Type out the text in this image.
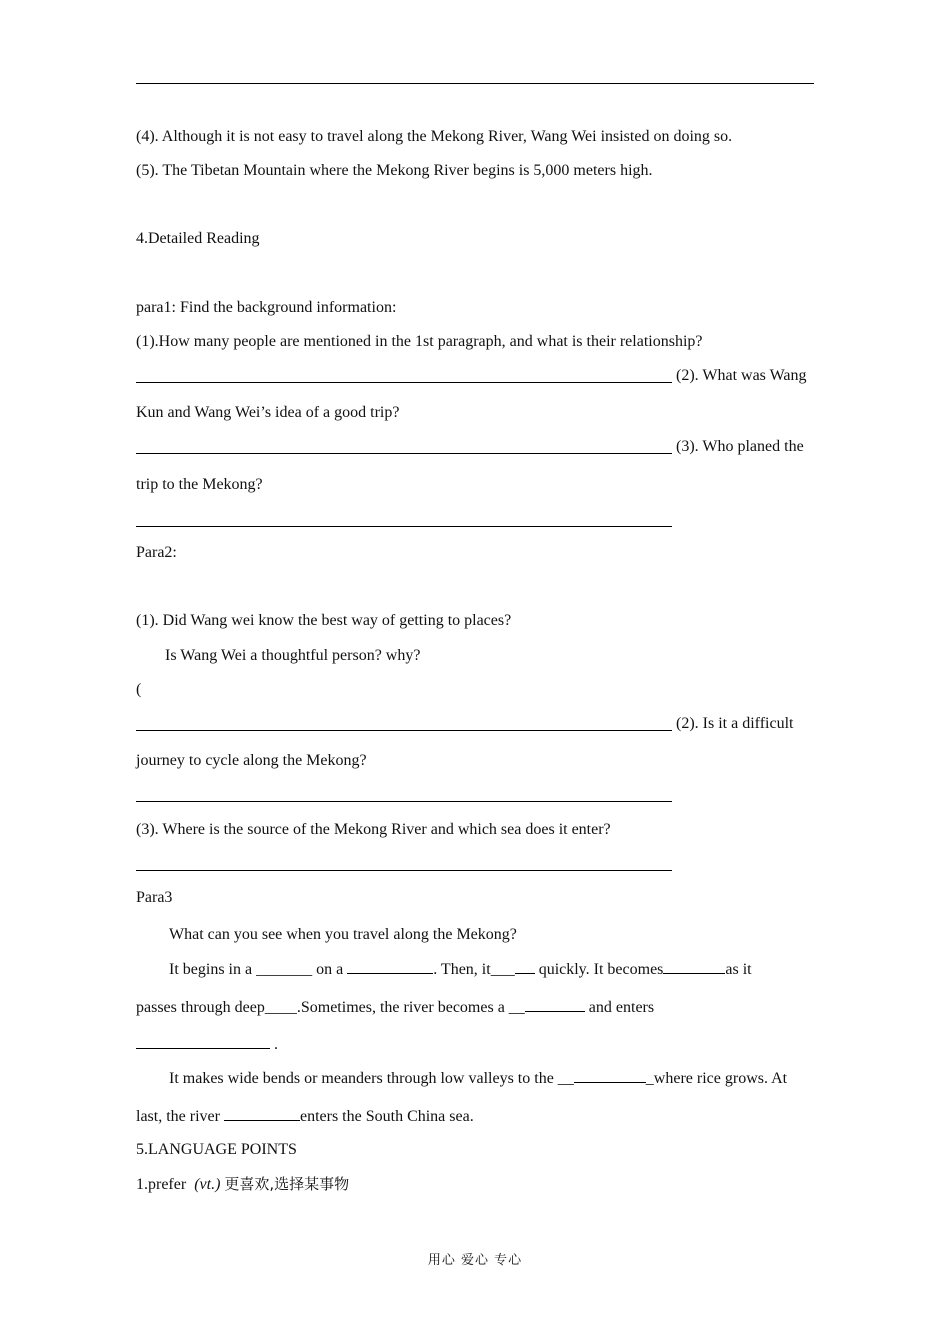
(4). Although it is not easy to travel along the Mekong River, Wang Wei insisted on doing so.
(5). The Tibetan Mountain where the Mekong River begins is 5,000 meters high.
4.Detailed Reading
para1: Find the background information:
(1).How many people are mentioned in the 1st paragraph, and what is their relationship?
(2). What was Wang
Kun and Wang Wei’s idea of a good trip?
(3). Who planed the
trip to the Mekong?
Para2:
(1). Did Wang wei know the best way of getting to places?
Is Wang Wei a thoughtful person? why?
(
(2). Is it a difficult
journey to cycle along the Mekong?
(3). Where is the source of the Mekong River and which sea does it enter?
Para3
What can you see when you travel along the Mekong?
It begins in a _______ on a	. Then, it___ quickly. It becomes	as it
passes through deep____.Sometimes, the river becomes a __	and enters
.
It makes wide bends or meanders through low valleys to the __	_where rice grows. At
last, the river	enters the South China sea.
5.LANGUAGE POINTS
1.prefer (vt.) 更喜欢,选择某事物
用心 爱心 专心
